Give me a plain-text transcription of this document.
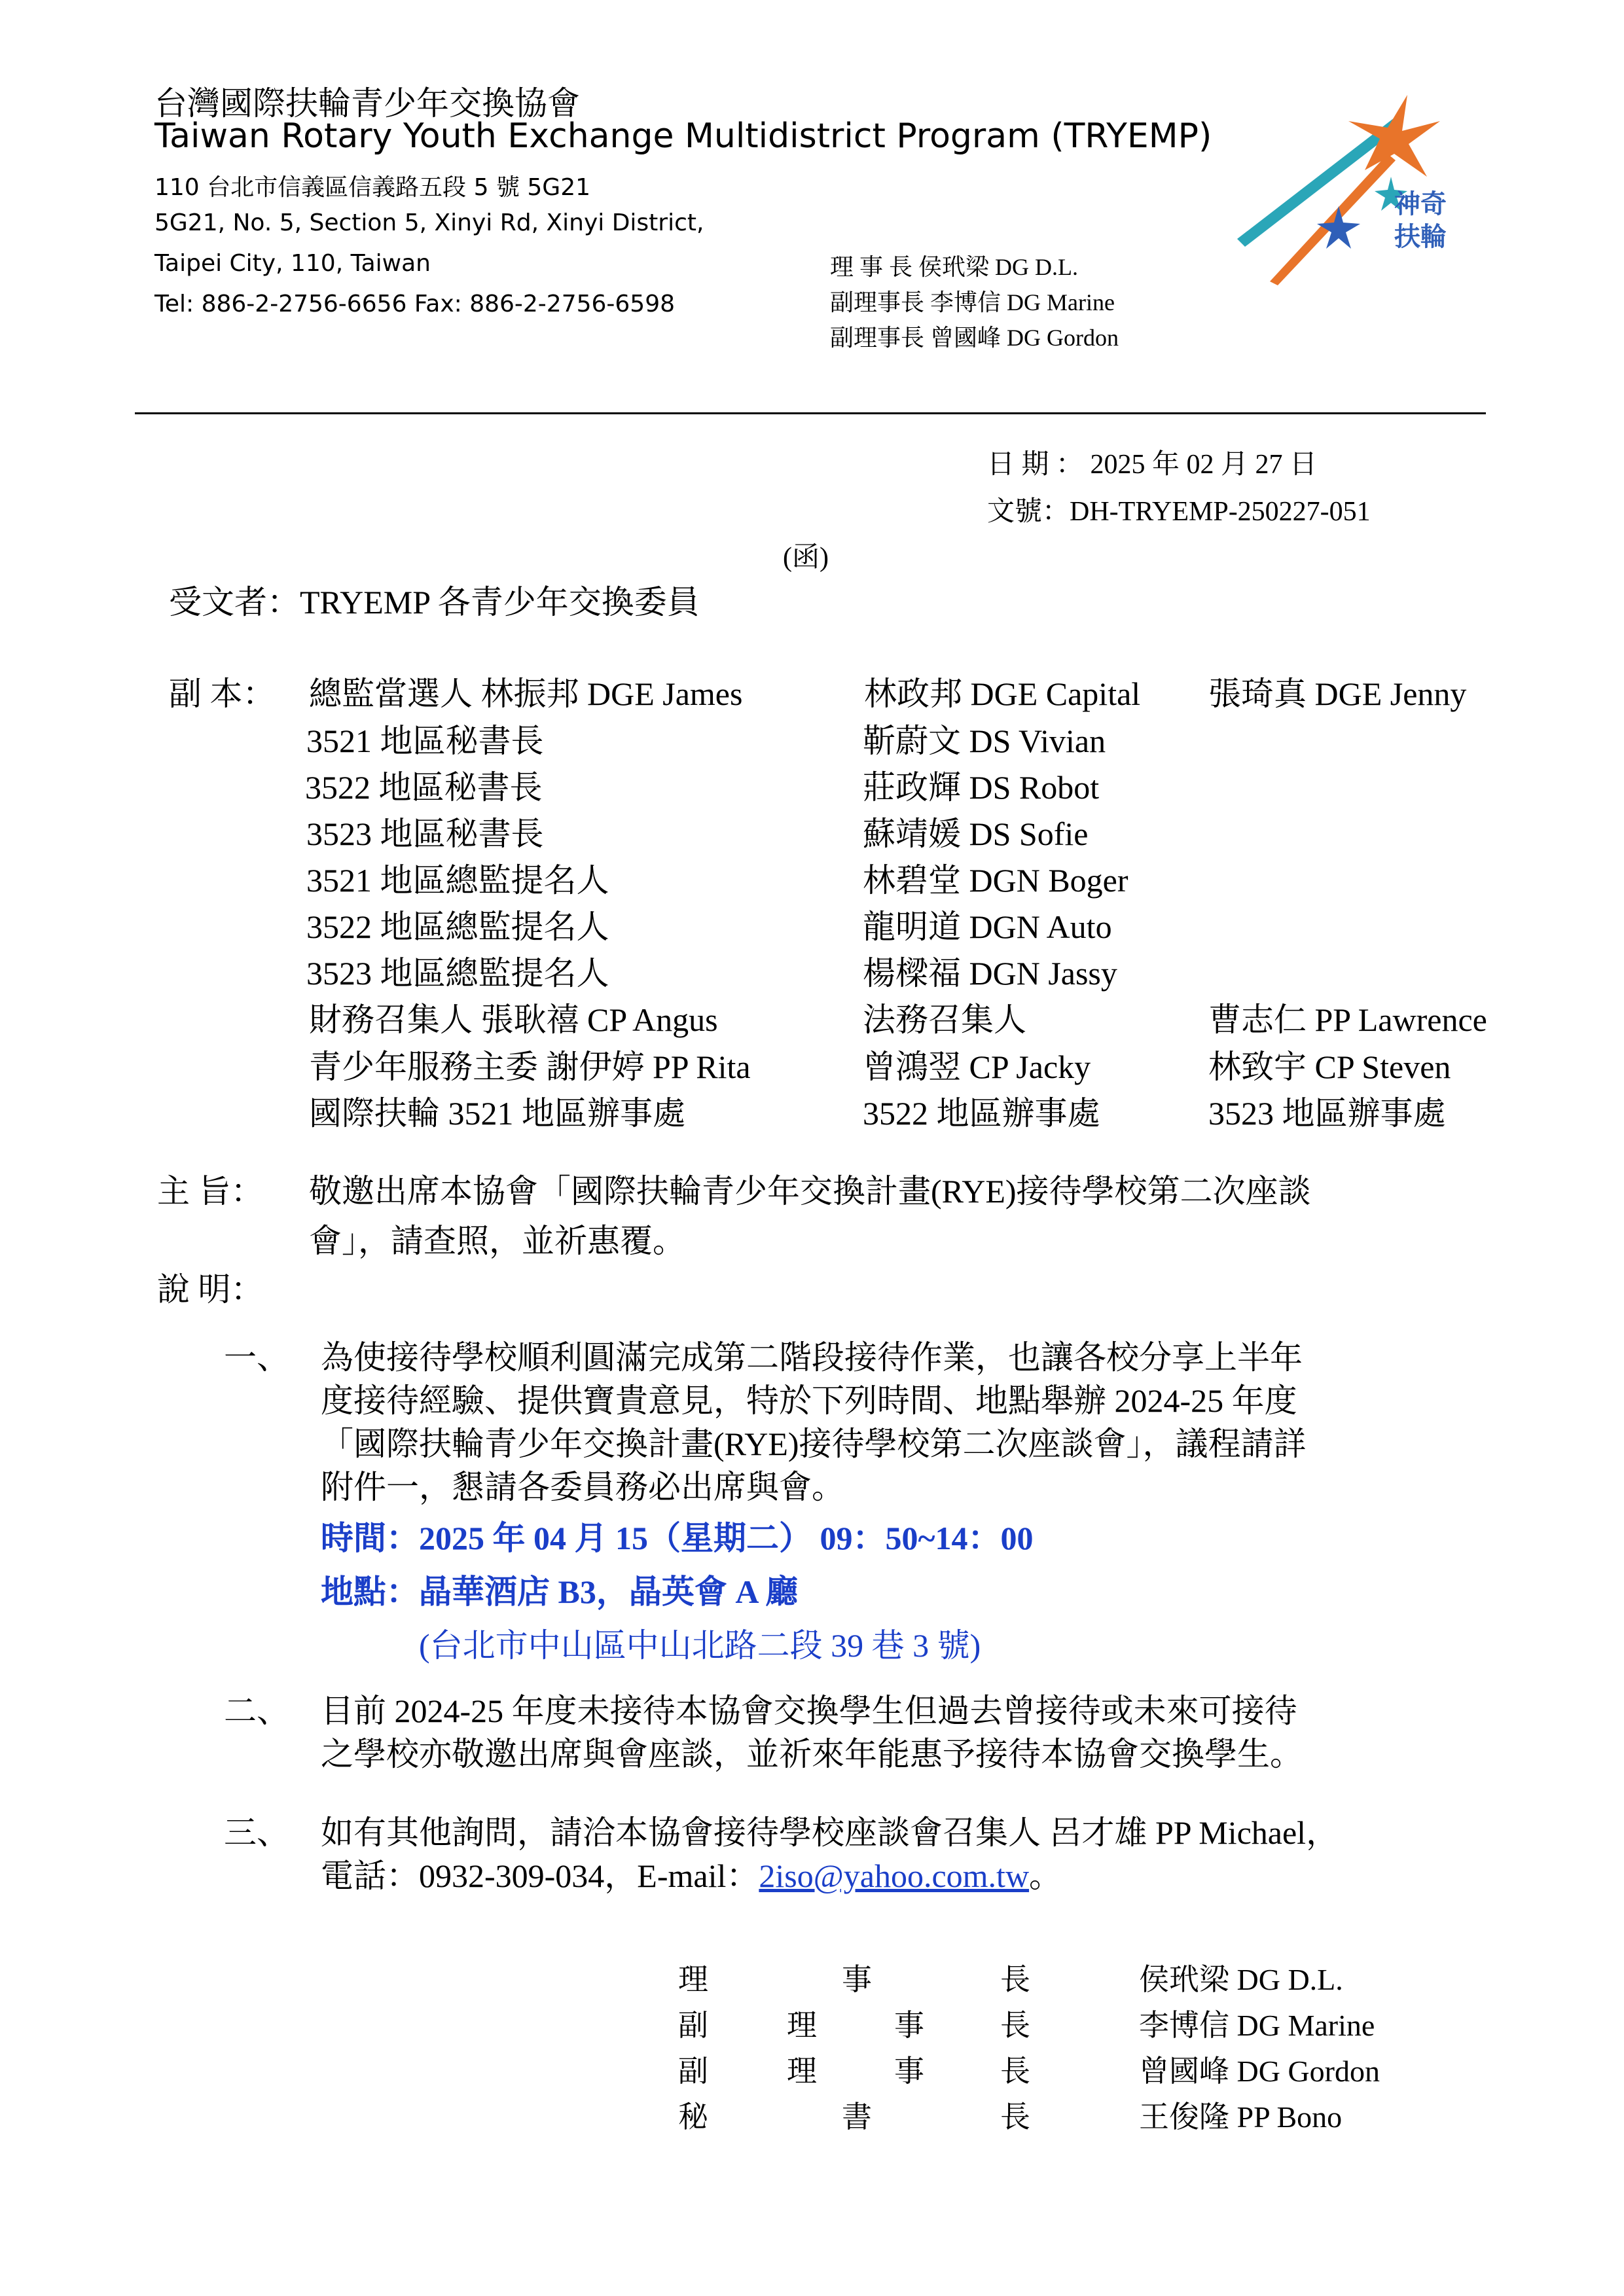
台灣國際扶輪青少年交換協會
Taiwan Rotary Youth Exchange Multidistrict Program (TRYEMP)
110 台北市信義區信義路五段 5 號 5G21
5G21, No. 5, Section 5, Xinyi Rd, Xinyi District,
Taipei City, 110, Taiwan
Tel: 886-2-2756-6656 Fax: 886-2-2756-6598
理 事 長 侯玳梁 DG D.L.
副理事長 李博信 DG Marine
副理事長 曾國峰 DG Gordon
神奇
扶輪
日 期 ： 2025 年 02 月 27 日
文號：DH-TRYEMP-250227-051
(函)
受文者：TRYEMP 各青少年交換委員
副 本： 總監當選人 林振邦 DGE James	林政邦 DGE Capital 張琦真 DGE Jenny
3521 地區秘書長	靳蔚文 DS Vivian
3522 地區秘書長	莊政輝 DS Robot
3523 地區秘書長	蘇靖媛 DS Sofie
3521 地區總監提名人	林碧堂 DGN Boger
3522 地區總監提名人	龍明道 DGN Auto
3523 地區總監提名人	楊樑福 DGN Jassy
財務召集人 張耿禧 CP Angus	法務召集人	曹志仁 PP Lawrence
青少年服務主委 謝伊婷 PP Rita	曾鴻翌 CP Jacky	林致宇 CP Steven
國際扶輪 3521 地區辦事處	3522 地區辦事處	3523 地區辦事處
主 旨： 敬邀出席本協會「國際扶輪青少年交換計畫(RYE)接待學校第二次座談
會」，請查照，並祈惠覆。
說 明：
一、 為使接待學校順利圓滿完成第二階段接待作業，也讓各校分享上半年
度接待經驗、提供寶貴意見，特於下列時間、地點舉辦 2024-25 年度
「國際扶輪青少年交換計畫(RYE)接待學校第二次座談會」，議程請詳
附件一，懇請各委員務必出席與會。
時間：2025 年 04 月 15（星期二） 09：50~14：00
地點：晶華酒店 B3，晶英會 A 廳
(台北市中山區中山北路二段 39 巷 3 號)
二、 目前 2024-25 年度未接待本協會交換學生但過去曾接待或未來可接待
之學校亦敬邀出席與會座談，並祈來年能惠予接待本協會交換學生。
三、 如有其他詢問，請洽本協會接待學校座談會召集人 呂才雄 PP Michael，
電話：0932-309-034，E-mail：2iso@yahoo.com.tw。
理	事	長	侯玳梁 DG D.L.
副	理	事	長	李博信 DG Marine
副	理	事	長	曾國峰 DG Gordon
秘	書	長	王俊隆 PP Bono
